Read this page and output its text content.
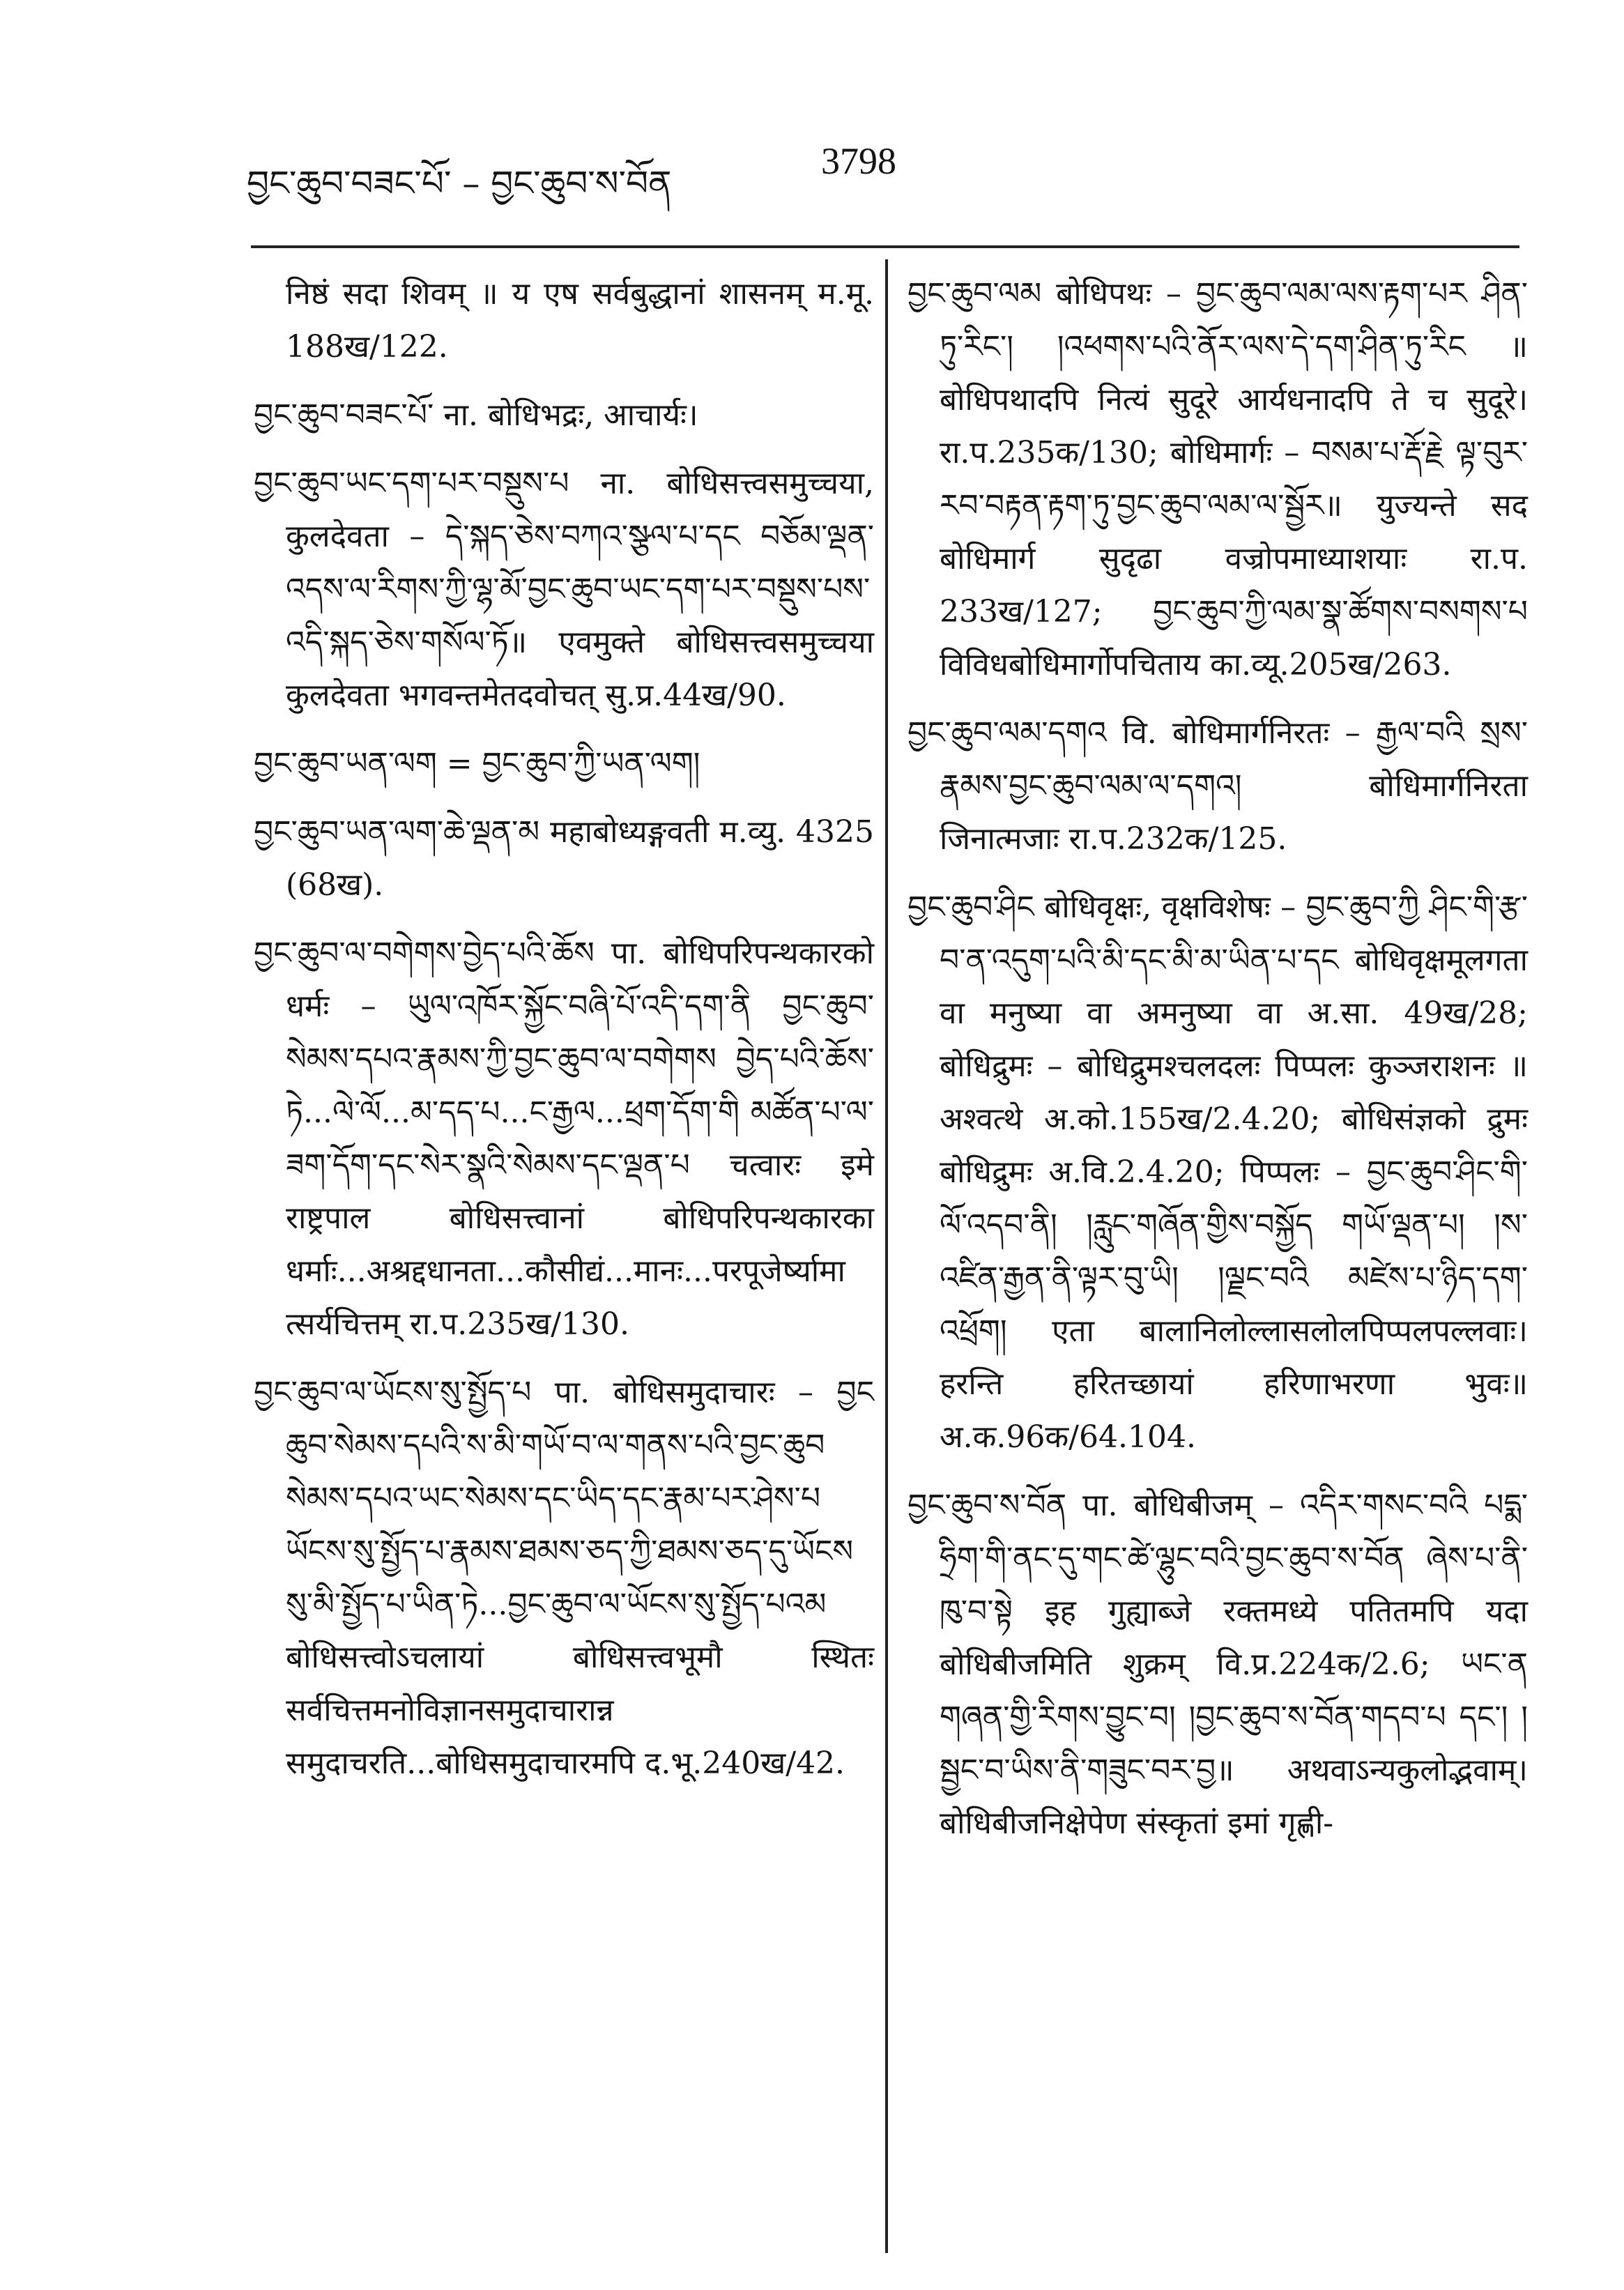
བྱང་ཆུབ་བཟང་པོ་ – བྱང་ཆུབ་ས་བོན
3798

निष्ठं सदा शिवम् ॥ य एष सर्वबुद्धानां शासनम् म.मू. 188ख/122.

བྱང་ཆུབ་བཟང་པོ་ ना. बोधिभद्रः, आचार्यः।

བྱང་ཆུབ་ཡང་དག་པར་བསྡུས་པ ना. बोधिसत्त्वसमुच्चया, कुलदेवता – དེ་སྐད་ཅེས་བཀའ་སྩལ་པ་དང བཅོམ་ལྡན་འདས་ལ་རིགས་ཀྱི་ལྷ་མོ་བྱང་ཆུབ་ཡང་དག་པར་བསྡུས་པས་འདི་སྐད་ཅེས་གསོལ་ཏོ॥ एवमुक्ते बोधिसत्त्वसमुच्चया कुलदेवता भगवन्तमेतदवोचत् सु.प्र.44ख/90.

བྱང་ཆུབ་ཡན་ལག = བྱང་ཆུབ་ཀྱི་ཡན་ལག།

བྱང་ཆུབ་ཡན་ལག་ཆེ་ལྡན་མ महाबोध्यङ्गवती म.व्यु. 4325 (68ख).

བྱང་ཆུབ་ལ་བགེགས་བྱེད་པའི་ཆོས पा. बोधिपरिपन्थकारको धर्मः – ཡུལ་འཁོར་སྐྱོང་བཞི་པོ་འདི་དག་ནི བྱང་ཆུབ་སེམས་དཔའ་རྣམས་ཀྱི་བྱང་ཆུབ་ལ་བགེགས བྱེད་པའི་ཆོས་ཏེ...ལེ་ལོ...མ་དད་པ...ང་རྒྱལ...ཕྲག་དོག་གི མཚོན་པ་ལ་ཟག་དོག་དང་སེར་སྣའི་སེམས་དང་ལྡན་པ चत्वारः इमे राष्ट्रपाल बोधिसत्त्वानां बोधिपरिपन्थकारका धर्माः...अश्रद्दधानता...कौसीद्यं...मानः...परपूजेर्ष्यामात्सर्यचित्तम् रा.प.235ख/130.

བྱང་ཆུབ་ལ་ཡོངས་སུ་སྤྱོད་པ पा. बोधिसमुदाचारः – བྱང ཆུབ་སེམས་དཔའི་ས་མི་གཡོ་བ་ལ་གནས་པའི་བྱང་ཆུབ སེམས་དཔའ་ཡང་སེམས་དང་ཡིད་དང་རྣམ་པར་ཤེས་པ ཡོངས་སུ་སྤྱོད་པ་རྣམས་ཐམས་ཅད་ཀྱི་ཐམས་ཅད་དུ་ཡོངས སུ་མི་སྤྱོད་པ་ཡིན་ཏེ...བྱང་ཆུབ་ལ་ཡོངས་སུ་སྤྱོད་པའམ बोधिसत्त्वोऽचलायां बोधिसत्त्वभूमौ स्थितः सर्वचित्तमनोविज्ञानसमुदाचारान्न समुदाचरति...बोधिसमुदाचारमपि द.भू.240ख/42.

བྱང་ཆུབ་ལམ बोधिपथः – བྱང་ཆུབ་ལམ་ལས་རྟག་པར ཤིན་ཏུ་རིང་། །འཕགས་པའི་ནོར་ལས་དེ་དག་ཤིན་ཏུ་རིང ॥ बोधिपथादपि नित्यं सुदूरे आर्यधनादपि ते च सुदूरे। रा.प.235क/130; बोधिमार्गः – བསམ་པ་རྡོ་རྗེ ལྟ་བུར་རབ་བརྟན་རྟག་ཏུ་བྱང་ཆུབ་ལམ་ལ་སྦྱོར॥ युज्यन्ते सद बोधिमार्ग सुदृढा वज्रोपमाध्याशयाः रा.प. 233ख/127; བྱང་ཆུབ་ཀྱི་ལམ་སྣ་ཚོགས་བསགས་པ विविधबोधिमार्गोपचिताय का.व्यू.205ख/263.

བྱང་ཆུབ་ལམ་དགའ वि. बोधिमार्गनिरतः – རྒྱལ་བའི སྲས་རྣམས་བྱང་ཆུབ་ལམ་ལ་དགའ། बोधिमार्गनिरता जिनात्मजाः रा.प.232क/125.

བྱང་ཆུབ་ཤིང बोधिवृक्षः, वृक्षविशेषः – བྱང་ཆུབ་ཀྱི ཤིང་གི་རྩ་བ་ན་འདུག་པའི་མི་དང་མི་མ་ཡིན་པ་དང बोधिवृक्षमूलगता वा मनुष्या वा अमनुष्या वा अ.सा. 49ख/28; बोधिद्रुमः – बोधिद्रुमश्चलदलः पिप्पलः कुञ्जराशनः ॥ अश्वत्थे अ.को.155ख/2.4.20; बोधिसंज्ञको द्रुमः बोधिद्रुमः अ.वि.2.4.20; पिप्पलः – བྱང་ཆུབ་ཤིང་གི་ལོ་འདབ་ནི། །རླུང་གཞོན་གྱིས་བསྐྱོད གཡོ་ལྡན་པ། །ས་འཛིན་རྒྱན་ནི་ལྟར་བུ་ཡི། །ལྗང་བའི མཛེས་པ་ཉིད་དག་འཕྲོག། एता बालानिलोल्लासलोलपिप्पलपल्लवाः। हरन्ति हरितच्छायां हरिणाभरणा भुवः॥ अ.क.96क/64.104.

བྱང་ཆུབ་ས་བོན पा. बोधिबीजम् – འདིར་གསང་བའི པདྨ་ཧྲིག་གི་ནང་དུ་གང་ཚེ་ལྷུང་བའི་བྱང་ཆུབ་ས་བོན ཞེས་པ་ནི་ཁུ་བ་སྟེ इह गुह्याब्जे रक्तमध्ये पतितमपि यदा बोधिबीजमिति शुक्रम् वि.प्र.224क/2.6; ཡང་ན གཞན་གྱི་རིགས་བྱུང་བ། །བྱང་ཆུབ་ས་བོན་གདབ་པ དང་། །སྦྱང་བ་ཡིས་ནི་གཟུང་བར་བྱ॥ अथवाऽन्यकुलोद्भवाम्। बोधिबीजनिक्षेपेण संस्कृतां इमां गृह्णी-
